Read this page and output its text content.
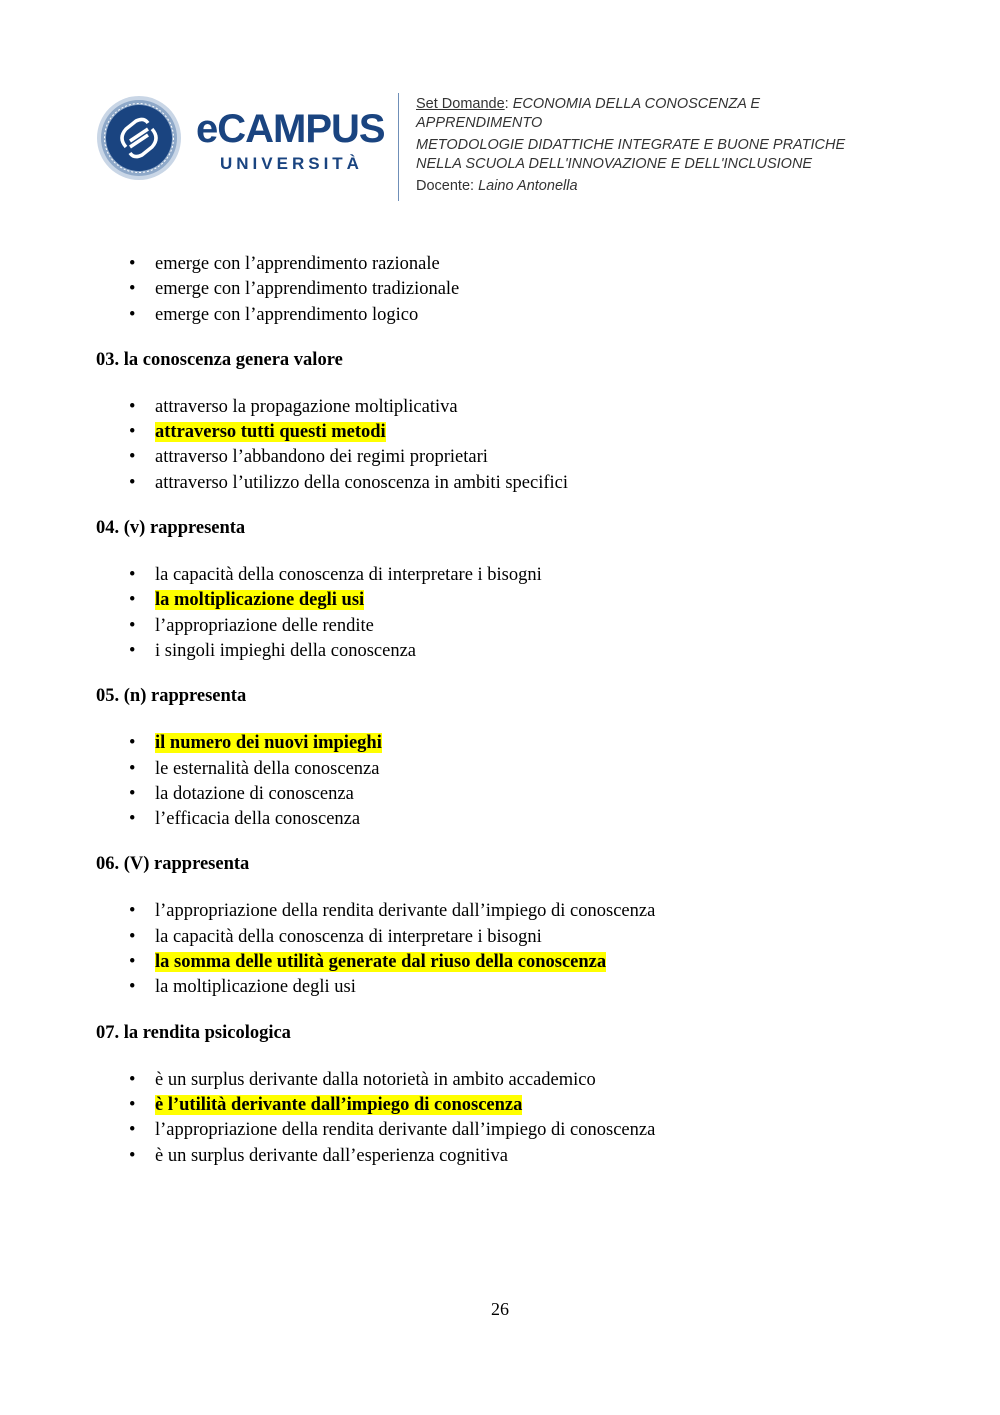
eCAMPUS
UNIVERSITÀ
Set Domande: ECONOMIA DELLA CONOSCENZA E
APPRENDIMENTO
METODOLOGIE DIDATTICHE INTEGRATE E BUONE PRATICHE
NELLA SCUOLA DELL'INNOVAZIONE E DELL'INCLUSIONE
Docente: Laino Antonella
• emerge con l’apprendimento razionale
• emerge con l’apprendimento tradizionale
• emerge con l’apprendimento logico
03. la conoscenza genera valore
• attraverso la propagazione moltiplicativa
• attraverso tutti questi metodi
• attraverso l’abbandono dei regimi proprietari
• attraverso l’utilizzo della conoscenza in ambiti specifici
04. (v) rappresenta
• la capacità della conoscenza di interpretare i bisogni
• la moltiplicazione degli usi
• l’appropriazione delle rendite
• i singoli impieghi della conoscenza
05. (n) rappresenta
• il numero dei nuovi impieghi
• le esternalità della conoscenza
• la dotazione di conoscenza
• l’efficacia della conoscenza
06. (V) rappresenta
• l’appropriazione della rendita derivante dall’impiego di conoscenza
• la capacità della conoscenza di interpretare i bisogni
• la somma delle utilità generate dal riuso della conoscenza
• la moltiplicazione degli usi
07. la rendita psicologica
• è un surplus derivante dalla notorietà in ambito accademico
• è l’utilità derivante dall’impiego di conoscenza
• l’appropriazione della rendita derivante dall’impiego di conoscenza
• è un surplus derivante dall’esperienza cognitiva
26
